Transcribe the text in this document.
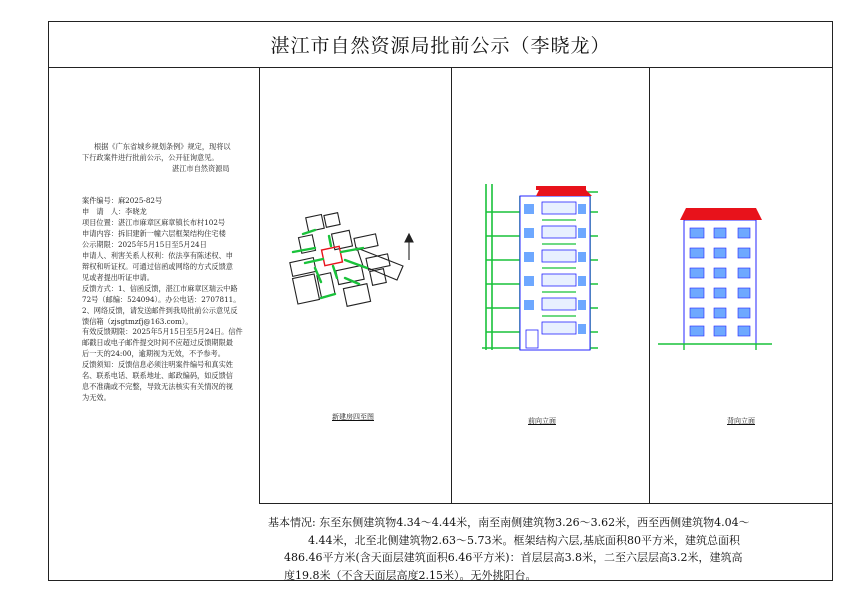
湛江市自然资源局批前公示（李晓龙）

根据《广东省城乡规划条例》规定，现将以

下行政案件进行批前公示，公开征询意见。

湛江市自然资源局

案件编号：麻2025-82号

申　请　人：李晓龙

项目位置：湛江市麻章区麻章镇长布村102号

申请内容：拆旧建新一幢六层框架结构住宅楼

公示期限：2025年5月15日至5月24日

申请人、利害关系人权利：依法享有陈述权、申

辩权和听证权。可通过信函或网络的方式反馈意

见或者提出听证申请。

反馈方式：1、信函反馈，湛江市麻章区瑞云中路

72号（邮编：524094）。办公电话：2707811。

2、网络反馈，请发送邮件到我局批前公示意见反

馈信箱（zjsgtmzfj@163.com）。

有效反馈期限：2025年5月15日至5月24日。信件

邮戳日或电子邮件提交时间不应超过反馈期限最

后一天的24:00，逾期视为无效，不予参考。

反馈须知：反馈信息必须注明案件编号和真实姓

名、联系电话、联系地址、邮政编码，如反馈信

息不准确或不完整，导致无法核实有关情况的视

为无效。

新建房四至图	前向立面	背向立面
基本情况: 东至东侧建筑物4.34～4.44米，南至南侧建筑物3.26～3.62米，西至西侧建筑物4.04～
4.44米，北至北侧建筑物2.63～5.73米。框架结构六层,基底面积80平方米，建筑总面积
486.46平方米(含天面层建筑面积6.46平方米)：首层层高3.8米，二至六层层高3.2米，建筑高
度19.8米（不含天面层高度2.15米）。无外挑阳台。
